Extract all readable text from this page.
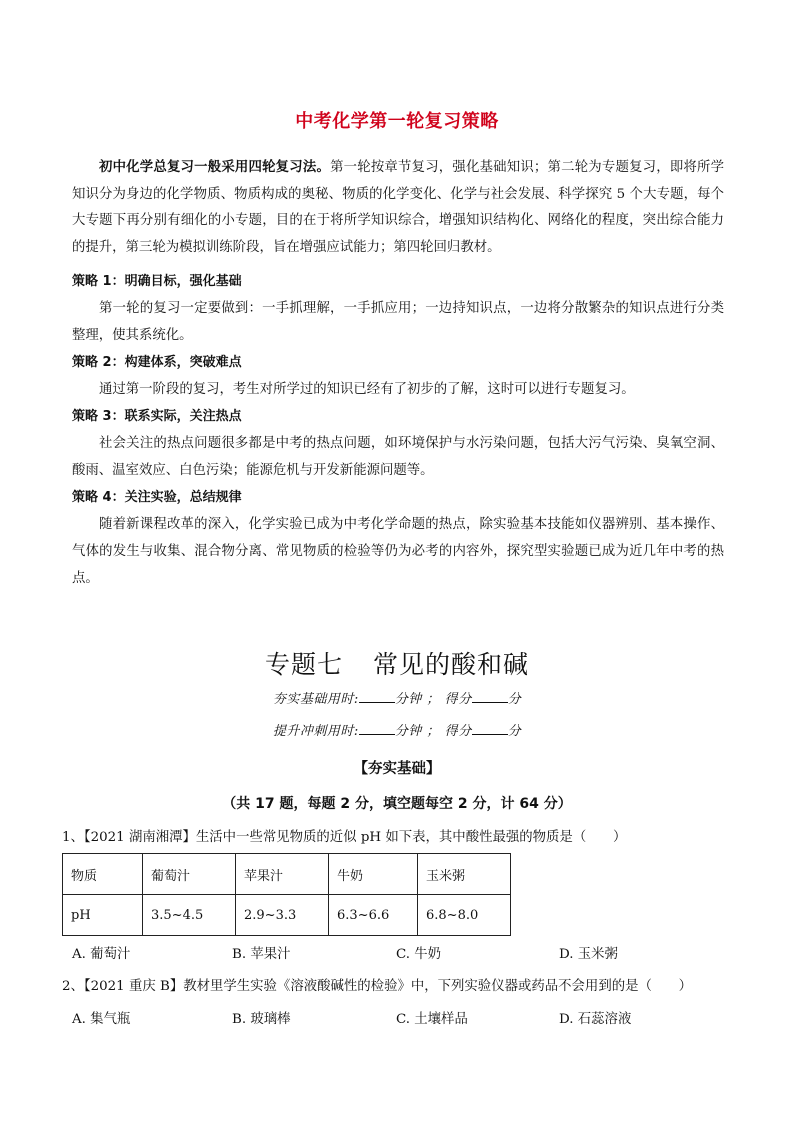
中考化学第一轮复习策略
初中化学总复习一般采用四轮复习法。第一轮按章节复习，强化基础知识；第二轮为专题复习，即将所学知识分为身边的化学物质、物质构成的奥秘、物质的化学变化、化学与社会发展、科学探究 5 个大专题，每个大专题下再分别有细化的小专题，目的在于将所学知识综合，增强知识结构化、网络化的程度，突出综合能力的提升，第三轮为模拟训练阶段，旨在增强应试能力；第四轮回归教材。
策略 1：明确目标，强化基础
第一轮的复习一定要做到：一手抓理解，一手抓应用；一边持知识点，一边将分散繁杂的知识点进行分类整理，使其系统化。
策略 2：构建体系，突破难点
通过第一阶段的复习，考生对所学过的知识已经有了初步的了解，这时可以进行专题复习。
策略 3：联系实际，关注热点
社会关注的热点问题很多都是中考的热点问题，如环境保护与水污染问题，包括大污气污染、臭氧空洞、酸雨、温室效应、白色污染；能源危机与开发新能源问题等。
策略 4：关注实验，总结规律
随着新课程改革的深入，化学实验已成为中考化学命题的热点，除实验基本技能如仪器辨别、基本操作、气体的发生与收集、混合物分离、常见物质的检验等仍为必考的内容外，探究型实验题已成为近几年中考的热点。
专题七 常见的酸和碱
夯实基础用时:	分钟 ； 得分	分
提升冲刺用时:	分钟 ； 得分	分
【夯实基础】
（共 17 题，每题 2 分，填空题每空 2 分，计 64 分）
1、【2021 湖南湘潭】生活中一些常见物质的近似 pH 如下表，其中酸性最强的物质是（　　）
物质	葡萄汁	苹果汁	牛奶	玉米粥
pH	3.5~4.5	2.9~3.3	6.3~6.6	6.8~8.0
A. 葡萄汁	B. 苹果汁	C. 牛奶	D. 玉米粥
2、【2021 重庆 B】教材里学生实验《溶液酸碱性的检验》中，下列实验仪器或药品不会用到的是（　　）
A. 集气瓶	B. 玻璃棒	C. 土壤样品	D. 石蕊溶液
